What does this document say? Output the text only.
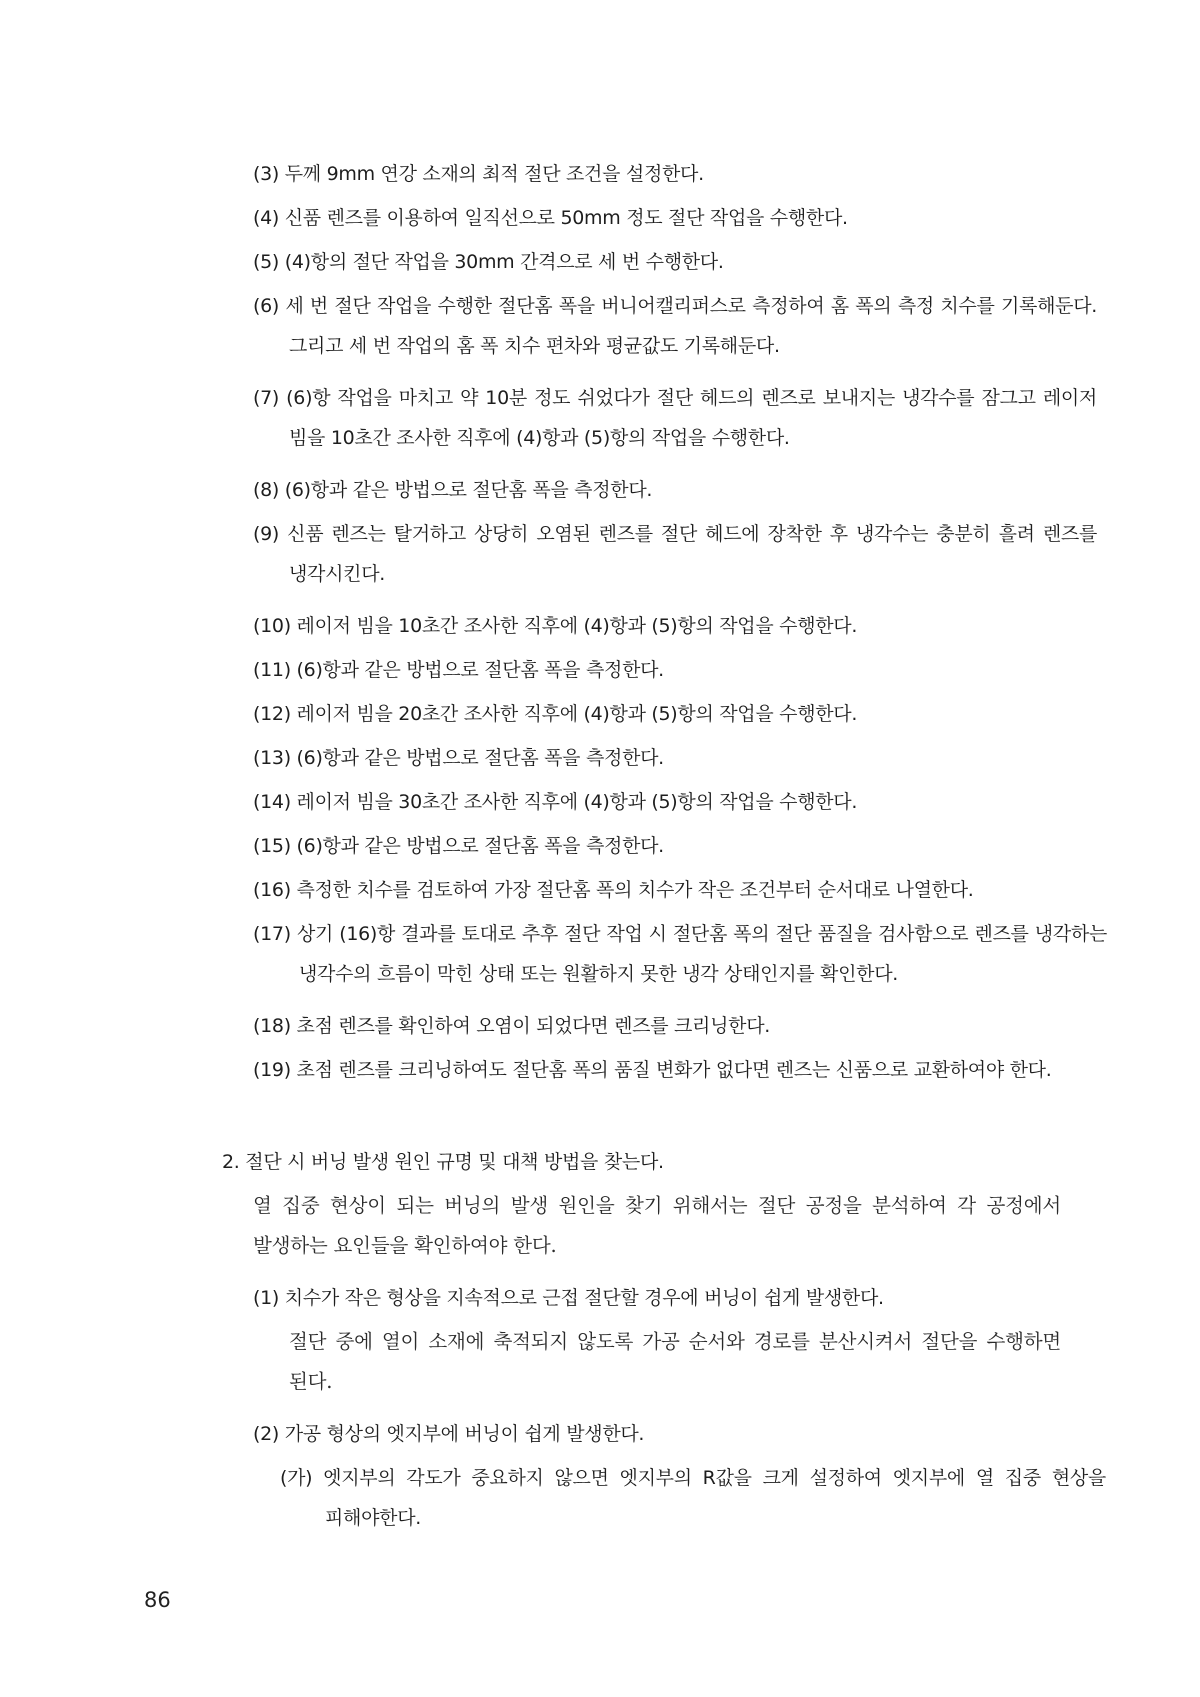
(3) 두께 9mm 연강 소재의 최적 절단 조건을 설정한다.
(4) 신품 렌즈를 이용하여 일직선으로 50mm 정도 절단 작업을 수행한다.
(5) (4)항의 절단 작업을 30mm 간격으로 세 번 수행한다.
(6) 세 번 절단 작업을 수행한 절단홈 폭을 버니어캘리퍼스로 측정하여 홈 폭의 측정 치수를 기록해둔다. 그리고 세 번 작업의 홈 폭 치수 편차와 평균값도 기록해둔다.
(7) (6)항 작업을 마치고 약 10분 정도 쉬었다가 절단 헤드의 렌즈로 보내지는 냉각수를 잠그고 레이저 빔을 10초간 조사한 직후에 (4)항과 (5)항의 작업을 수행한다.
(8) (6)항과 같은 방법으로 절단홈 폭을 측정한다.
(9) 신품 렌즈는 탈거하고 상당히 오염된 렌즈를 절단 헤드에 장착한 후 냉각수는 충분히 흘려 렌즈를 냉각시킨다.
(10) 레이저 빔을 10초간 조사한 직후에 (4)항과 (5)항의 작업을 수행한다.
(11) (6)항과 같은 방법으로 절단홈 폭을 측정한다.
(12) 레이저 빔을 20초간 조사한 직후에 (4)항과 (5)항의 작업을 수행한다.
(13) (6)항과 같은 방법으로 절단홈 폭을 측정한다.
(14) 레이저 빔을 30초간 조사한 직후에 (4)항과 (5)항의 작업을 수행한다.
(15) (6)항과 같은 방법으로 절단홈 폭을 측정한다.
(16) 측정한 치수를 검토하여 가장 절단홈 폭의 치수가 작은 조건부터 순서대로 나열한다.
(17) 상기 (16)항 결과를 토대로 추후 절단 작업 시 절단홈 폭의 절단 품질을 검사함으로 렌즈를 냉각하는 냉각수의 흐름이 막힌 상태 또는 원활하지 못한 냉각 상태인지를 확인한다.
(18) 초점 렌즈를 확인하여 오염이 되었다면 렌즈를 크리닝한다.
(19) 초점 렌즈를 크리닝하여도 절단홈 폭의 품질 변화가 없다면 렌즈는 신품으로 교환하여야 한다.
2. 절단 시 버닝 발생 원인 규명 및 대책 방법을 찾는다.
열 집중 현상이 되는 버닝의 발생 원인을 찾기 위해서는 절단 공정을 분석하여 각 공정에서 발생하는 요인들을 확인하여야 한다.
(1) 치수가 작은 형상을 지속적으로 근접 절단할 경우에 버닝이 쉽게 발생한다.
절단 중에 열이 소재에 축적되지 않도록 가공 순서와 경로를 분산시켜서 절단을 수행하면 된다.
(2) 가공 형상의 엣지부에 버닝이 쉽게 발생한다.
(가) 엣지부의 각도가 중요하지 않으면 엣지부의 R값을 크게 설정하여 엣지부에 열 집중 현상을 피해야한다.
86
